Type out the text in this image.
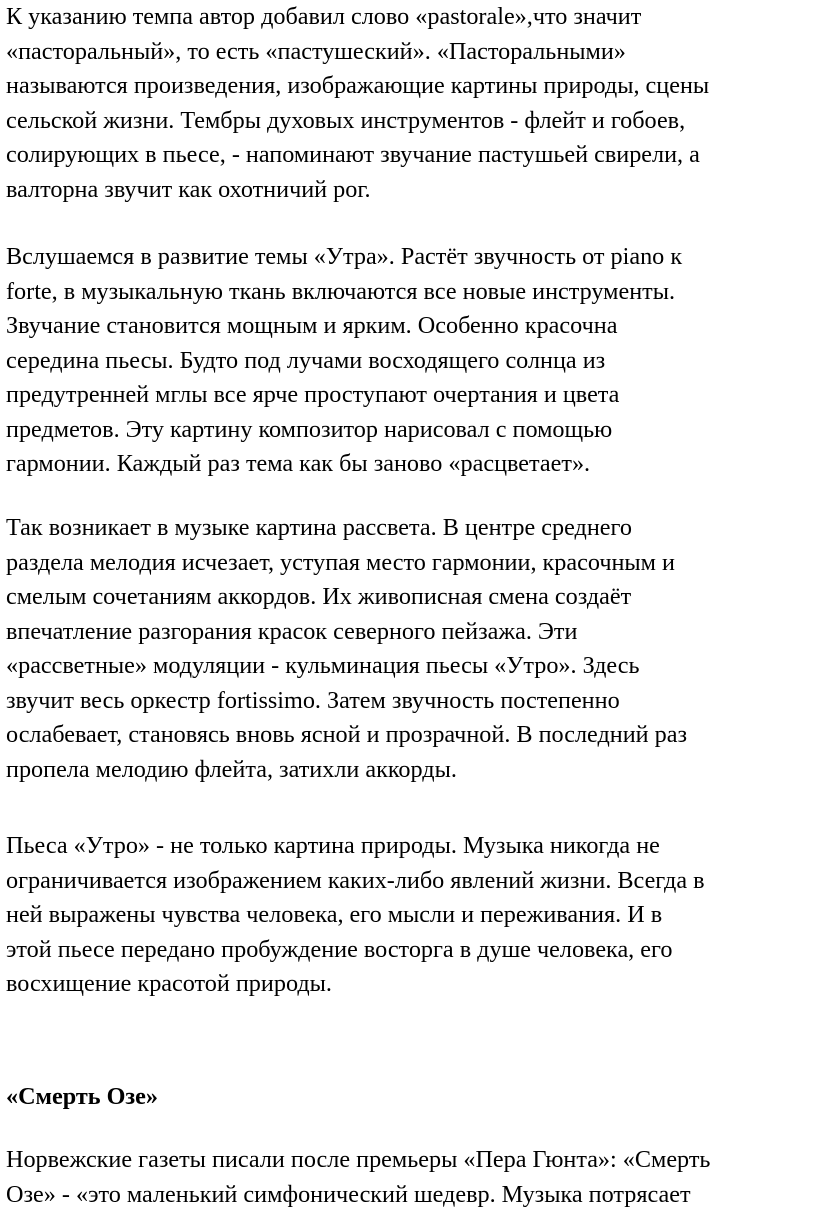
К указанию темпа автор добавил слово «pastorale»,что значит
«пасторальный», то есть «пастушеский». «Пасторальными»
называются произведения, изображающие картины природы, сцены
сельской жизни. Тембры духовых инструментов - флейт и гобоев,
солирующих в пьесе, - напоминают звучание пастушьей свирели, а
валторна звучит как охотничий рог.
Вслушаемся в развитие темы «Утра». Растёт звучность от piano к
forte, в музыкальную ткань включаются все новые инструменты.
Звучание становится мощным и ярким. Особенно красочна
середина пьесы. Будто под лучами восходящего солнца из
предутренней мглы все ярче проступают очертания и цвета
предметов. Эту картину композитор нарисовал с помощью
гармонии. Каждый раз тема как бы заново «расцветает».
Так возникает в музыке картина рассвета. В центре среднего
раздела мелодия исчезает, уступая место гармонии, красочным и
смелым сочетаниям аккордов. Их живописная смена создаёт
впечатление разгорания красок северного пейзажа. Эти
«рассветные» модуляции - кульминация пьесы «Утро». Здесь
звучит весь оркестр fortissimo. Затем звучность постепенно
ослабевает, становясь вновь ясной и прозрачной. В последний раз
пропела мелодию флейта, затихли аккорды.
Пьеса «Утро» - не только картина природы. Музыка никогда не
ограничивается изображением каких-либо явлений жизни. Всегда в
ней выражены чувства человека, его мысли и переживания. И в
этой пьесе передано пробуждение восторга в душе человека, его
восхищение красотой природы.
«Смерть Озе»
Норвежские газеты писали после премьеры «Пера Гюнта»: «Смерть
Озе» - «это маленький симфонический шедевр. Музыка потрясает
